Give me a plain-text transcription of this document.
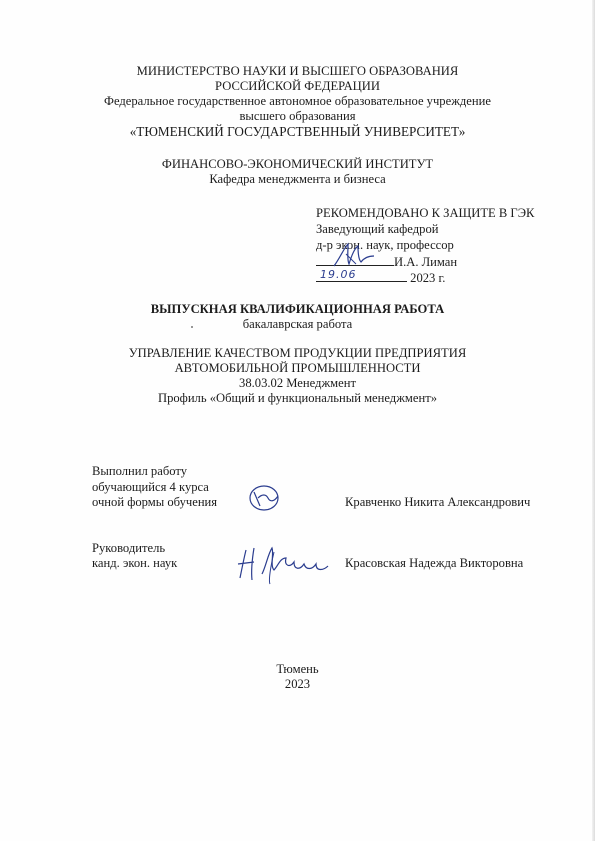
МИНИСТЕРСТВО НАУКИ И ВЫСШЕГО ОБРАЗОВАНИЯ
РОССИЙСКОЙ ФЕДЕРАЦИИ
Федеральное государственное автономное образовательное учреждение
высшего образования
«ТЮМЕНСКИЙ ГОСУДАРСТВЕННЫЙ УНИВЕРСИТЕТ»
ФИНАНСОВО-ЭКОНОМИЧЕСКИЙ ИНСТИТУТ
Кафедра менеджмента и бизнеса
РЕКОМЕНДОВАНО К ЗАЩИТЕ В ГЭК
Заведующий кафедрой
д-р экон. наук, профессор
И.А. Лиман
19.06	2023 г.
ВЫПУСКНАЯ КВАЛИФИКАЦИОННАЯ РАБОТА
бакалаврская работа
УПРАВЛЕНИЕ КАЧЕСТВОМ ПРОДУКЦИИ ПРЕДПРИЯТИЯ
АВТОМОБИЛЬНОЙ ПРОМЫШЛЕННОСТИ
38.03.02 Менеджмент
Профиль «Общий и функциональный менеджмент»
Выполнил работу
обучающийся 4 курса
очной формы обучения	Кравченко Никита Александрович
Руководитель
канд. экон. наук	Красовская Надежда Викторовна
Тюмень
2023
